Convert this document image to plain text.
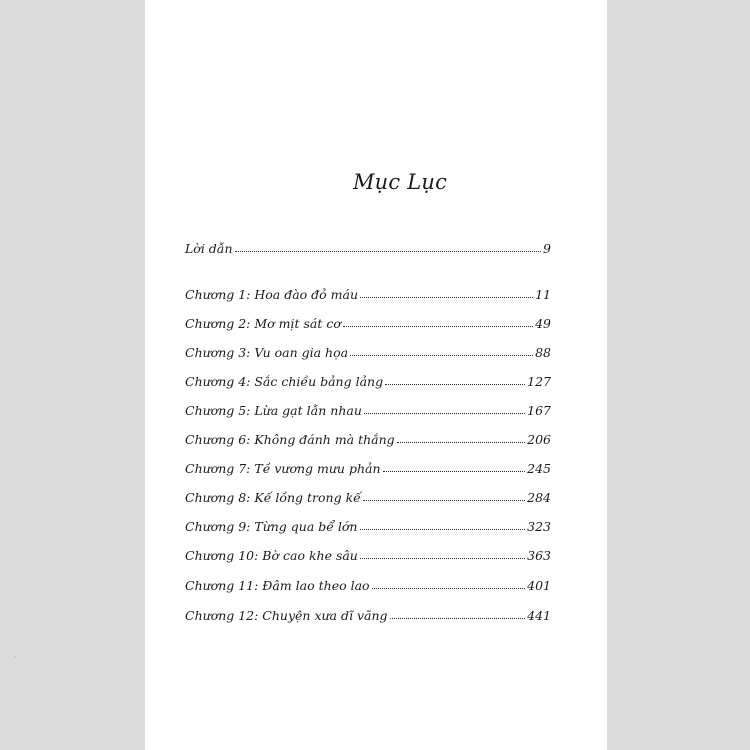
Mục Lục
Lời dẫn	9
Chương 1: Hoa đào đỏ máu	11
Chương 2: Mơ mịt sát cơ	49
Chương 3: Vu oan gia họa	88
Chương 4: Sắc chiều bảng lảng	127
Chương 5: Lừa gạt lẫn nhau	167
Chương 6: Không đánh mà thắng	206
Chương 7: Tề vương mưu phản	245
Chương 8: Kế lồng trong kế	284
Chương 9: Từng qua bể lớn	323
Chương 10: Bờ cao khe sâu	363
Chương 11: Đâm lao theo lao	401
Chương 12: Chuyện xưa dĩ vãng	441
